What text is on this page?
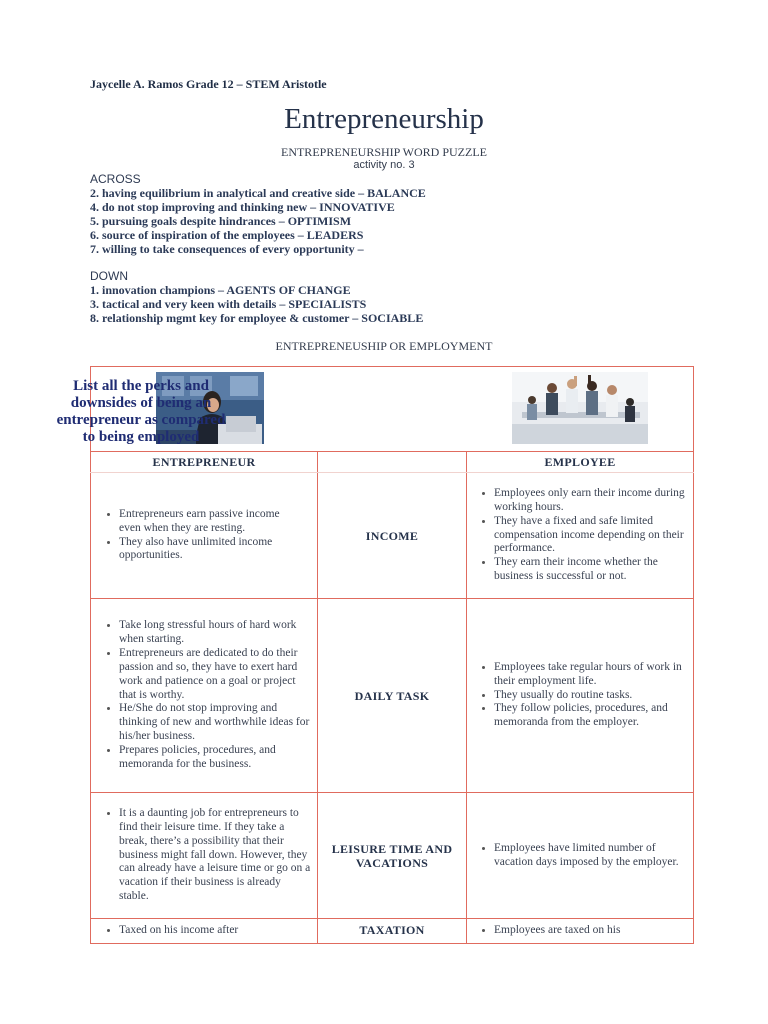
Jaycelle A. Ramos Grade 12 – STEM Aristotle
Entrepreneurship
ENTREPRENEURSHIP WORD PUZZLE
activity no. 3
ACROSS
2. having equilibrium in analytical and creative side – BALANCE
4. do not stop improving and thinking new – INNOVATIVE
5. pursuing goals despite hindrances – OPTIMISM
6. source of inspiration of the employees – LEADERS
7. willing to take consequences of every opportunity –
DOWN
1. innovation champions – AGENTS OF CHANGE
3. tactical and very keen with details – SPECIALISTS
8. relationship mgmt key for employee & customer – SOCIABLE
ENTREPRENEUSHIP OR EMPLOYMENT
List all the perks and downsides of being an entrepreneur as compared to being employed
ENTREPRENEUR	EMPLOYEE
• Entrepreneurs earn passive income even when they are resting.
• They also have unlimited income opportunities.
INCOME
• Employees only earn their income during working hours.
• They have a fixed and safe limited compensation income depending on their performance.
• They earn their income whether the business is successful or not.
• Take long stressful hours of hard work when starting.
• Entrepreneurs are dedicated to do their passion and so, they have to exert hard work and patience on a goal or project that is worthy.
• He/She do not stop improving and thinking of new and worthwhile ideas for his/her business.
• Prepares policies, procedures, and memoranda for the business.
DAILY TASK
• Employees take regular hours of work in their employment life.
• They usually do routine tasks.
• They follow policies, procedures, and memoranda from the employer.
• It is a daunting job for entrepreneurs to find their leisure time. If they take a break, there’s a possibility that their business might fall down. However, they can already have a leisure time or go on a vacation if their business is already stable.
LEISURE TIME AND VACATIONS
• Employees have limited number of vacation days imposed by the employer.
• Taxed on his income after	TAXATION
•	Employees are taxed on his
